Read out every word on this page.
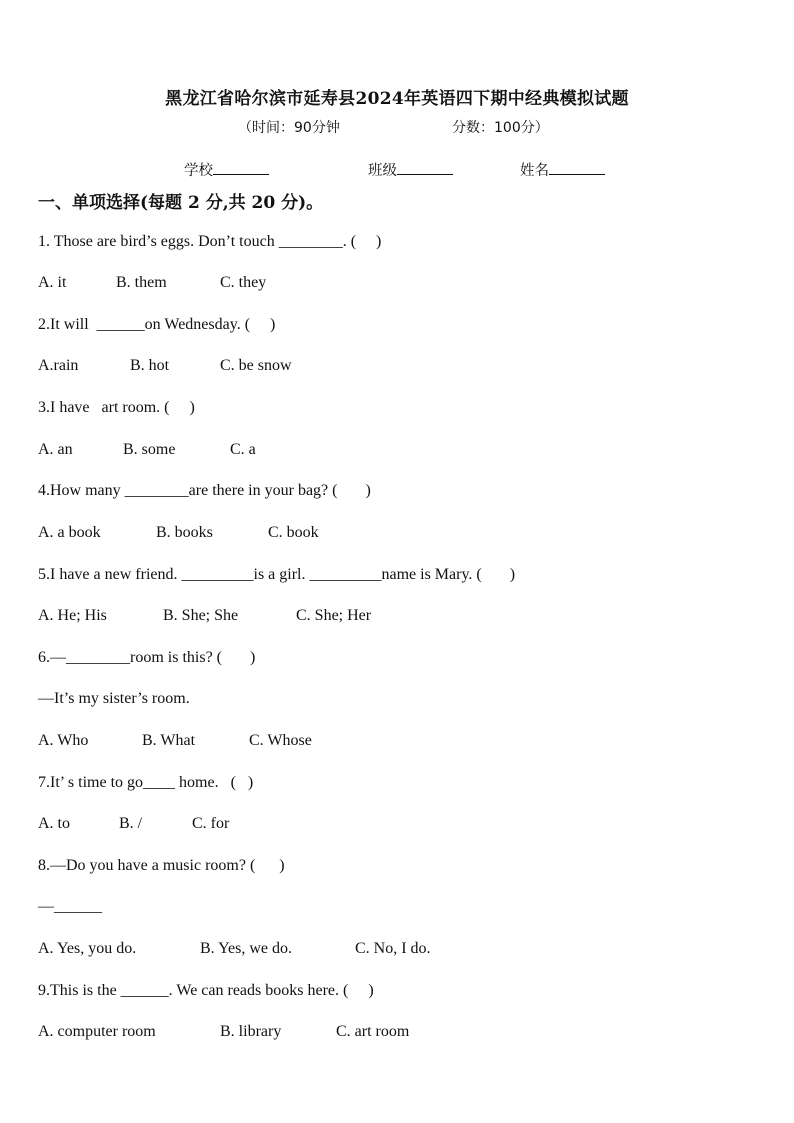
黑龙江省哈尔滨市延寿县2024年英语四下期中经典模拟试题
（时间：90分钟	分数：100分）
学校	班级	姓名
一、单项选择(每题 2 分,共 20 分)。
1. Those are bird’s eggs. Don’t touch ________. (     )
A. it	B. them	C. they
2.It will  ______on Wednesday. (     )
A.rain	B. hot	C. be snow
3.I have   art room. (     )
A. an	B. some	C. a
4.How many ________are there in your bag? (       )
A. a book	B. books	C. book
5.I have a new friend. _________is a girl. _________name is Mary. (       )
A. He; His	B. She; She	C. She; Her
6.—________room is this? (       )
—It’s my sister’s room.
A. Who	B. What	C. Whose
7.It’ s time to go____ home.   (   )
A. to	B. /	C. for
8.—Do you have a music room? (      )
—______
A. Yes, you do.	B. Yes, we do.	C. No, I do.
9.This is the ______. We can reads books here. (     )
A. computer room	B. library	C. art room
